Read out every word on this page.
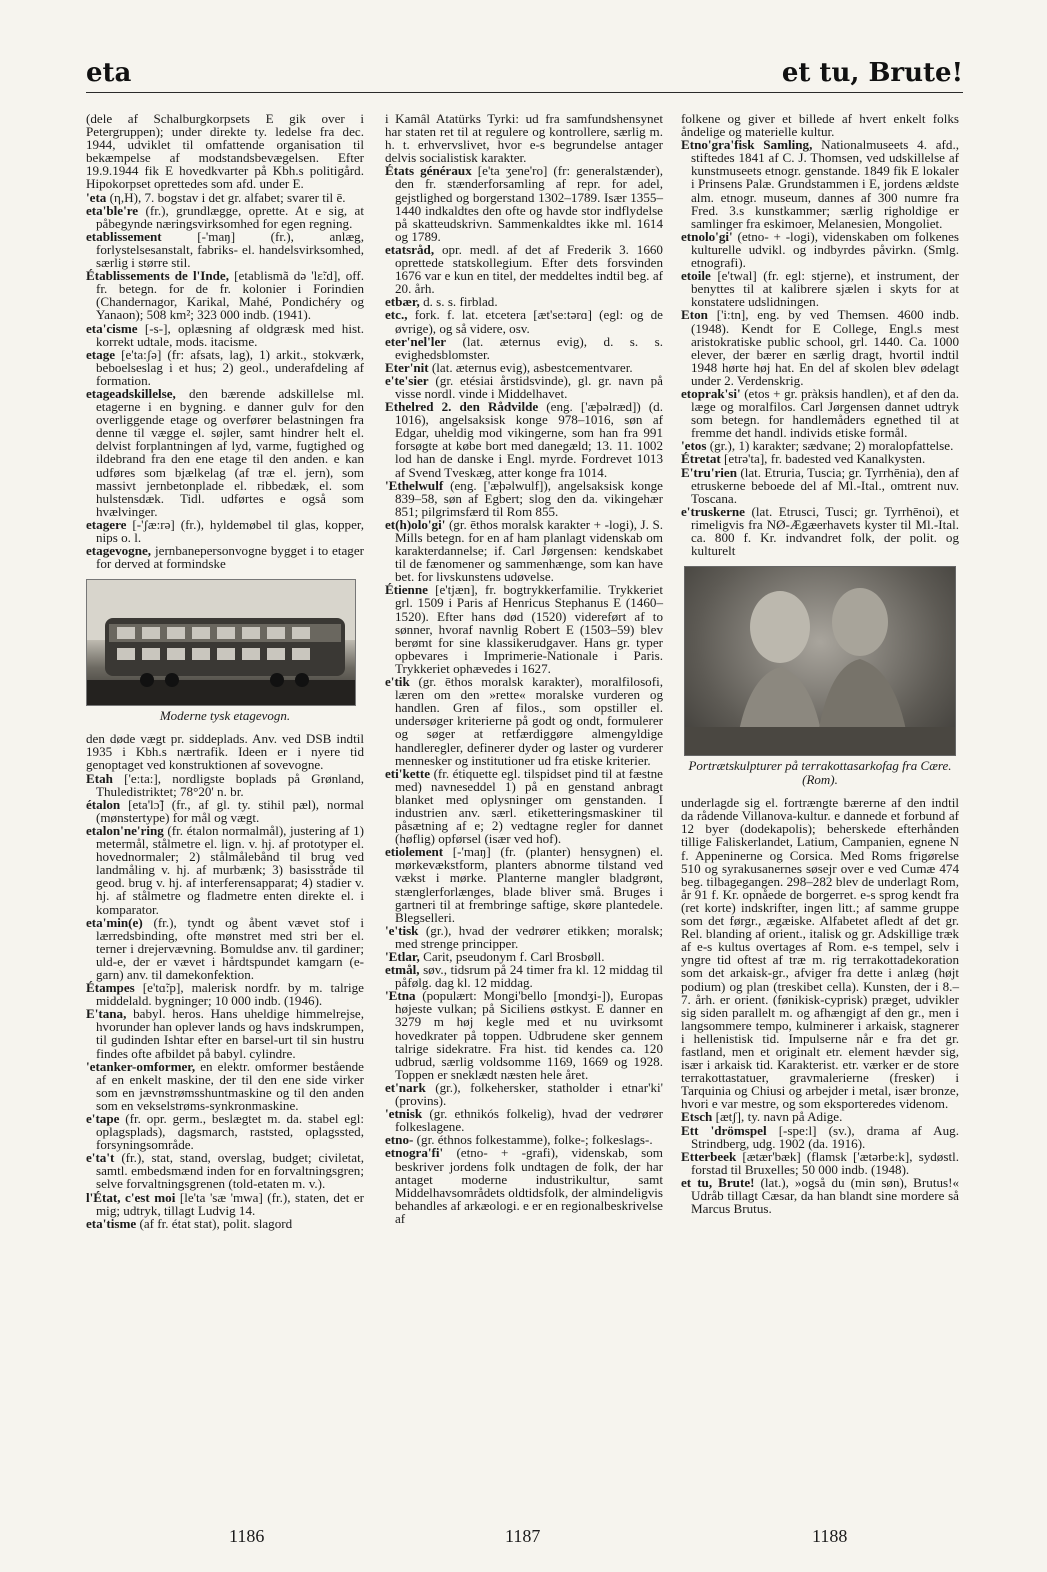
eta	et tu, Brute!

(dele af Schalburgkorpsets E gik over i Petergruppen); under direkte ty. ledelse fra dec. 1944, udviklet til omfattende organisation til bekæmpelse af modstandsbevægelsen. Efter 19.9.1944 fik E hovedkvarter på Kbh.s politigård. Hipokorpset oprettedes som afd. under E.

'eta (η,H), 7. bogstav i det gr. alfabet; svarer til ē.

eta'ble're (fr.), grundlægge, oprette. At e sig, at påbegynde næringsvirksomhed for egen regning.

etablissement	[-'maŋ] (fr.), anlæg, forlystelsesanstalt, fabriks- el. handelsvirksomhed, særlig i større stil.

Établissements de l'Inde, [etablismã də 'lɛ̃:d], off. fr. betegn. for de fr. kolonier i Forindien (Chandernagor, Karikal, Mahé, Pondichéry og Yanaon); 508 km²; 323 000 indb. (1941).

eta'cisme [-s-], oplæsning af oldgræsk med hist. korrekt udtale, mods. itacisme.

etage [e'ta:ʃə] (fr: afsats, lag), 1) arkit., stokværk, beboelseslag i et hus; 2) geol., underafdeling af formation.

etageadskillelse, den bærende adskillelse ml. etagerne i en bygning. e danner gulv for den overliggende etage og overfører belastningen fra denne til vægge el. søjler, samt hindrer helt el. delvist forplantningen af lyd, varme, fugtighed og ildebrand fra den ene etage til den anden. e kan udføres som bjælkelag (af træ el. jern), som massivt jernbetonplade el. ribbedæk, el. som hulstensdæk. Tidl. udførtes e også som hvælvinger.

etagere [-'ʃæ:rə] (fr.), hyldemøbel til glas, kopper, nips o. l.

etagevogne, jernbanepersonvogne bygget i to etager for derved at formindske

Moderne tysk etagevogn.

den døde vægt pr. siddeplads. Anv. ved DSB indtil 1935 i Kbh.s nærtrafik. Ideen er i nyere tid genoptaget ved konstruktionen af sovevogne.

Etah ['e:ta:], nordligste boplads på Grønland, Thuledistriktet; 78°20' n. br.

étalon [eta'lɔ̃] (fr., af gl. ty. stihil pæl), normal (mønstertype) for mål og vægt.

etalon'ne'ring (fr. étalon normalmål), justering af 1) metermål, stålmetre el. lign. v. hj. af prototyper el. hovednormaler; 2) stålmålebånd til brug ved landmåling v. hj. af murbænk; 3) basisstråde til geod. brug v. hj. af interferensapparat; 4) stadier v. hj. af stålmetre og fladmetre enten direkte el. i komparator.

eta'min(e) (fr.), tyndt og åbent vævet stof i lærredsbinding, ofte mønstret med stri ber el. terner i drejervævning. Bomuldse anv. til gardiner; uld-e, der er vævet i hårdtspundet kamgarn (e-garn) anv. til damekonfektion.

Étampes [e'tɑ̃:p], malerisk nordfr. by m. talrige middelald. bygninger; 10 000 indb. (1946).

E'tana, babyl. heros. Hans uheldige himmelrejse, hvorunder han oplever lands og havs indskrumpen, til gudinden Ishtar efter en barsel-urt til sin hustru findes ofte afbildet på babyl. cylindre.

'etanker-omformer, en elektr. omformer bestående af en enkelt maskine, der til den ene side virker som en jævnstrømsshuntmaskine og til den anden som en vekselstrøms-synkronmaskine.

e'tape (fr. opr. germ., beslægtet m. da. stabel egl: oplagsplads), dagsmarch, raststed, oplagssted, forsyningsområde.

e'ta't (fr.), stat, stand, overslag, budget; civiletat, samtl. embedsmænd inden for en forvaltningsgren; selve forvaltningsgrenen (told-etaten m. v.).

l'État, c'est moi [le'ta 'sæ 'mwa] (fr.), staten, det er mig; udtryk, tillagt Ludvig 14.

eta'tisme (af fr. état stat), polit. slagord

i Kamâl Atatürks Tyrki: ud fra samfundshensynet har staten ret til at regulere og kontrollere, særlig m. h. t. erhvervslivet, hvor e-s begrundelse antager delvis socialistisk karakter.

États généraux [e'ta ʒene'ro] (fr: generalstænder), den fr. stænderforsamling af repr. for adel, gejstlighed og borgerstand 1302–1789. Især 1355–1440 indkaldtes den ofte og havde stor indflydelse på skatteudskrivn. Sammenkaldtes ikke ml. 1614 og 1789.

etatsråd, opr. medl. af det af Frederik 3. 1660 oprettede statskollegium. Efter dets forsvinden 1676 var e kun en titel, der meddeltes indtil beg. af 20. årh.

etbær, d. s. s. firblad.

etc., fork. f. lat. etcetera [æt'se:tərɑ] (egl: og de øvrige), og så videre, osv.

eter'nel'ler (lat. æternus evig), d. s. s. evighedsblomster.

Eter'nit (lat. æternus evig), asbestcementvarer.

e'te'sier (gr. etésiai årstidsvinde), gl. gr. navn på visse nordl. vinde i Middelhavet.

Ethelred 2. den Rådvilde (eng. ['æþəlræd]) (d. 1016), angelsaksisk konge 978–1016, søn af Edgar, uheldig mod vikingerne, som han fra 991 forsøgte at købe bort med danegæld; 13. 11. 1002 lod han de danske i Engl. myrde. Fordrevet 1013 af Svend Tveskæg, atter konge fra 1014.

'Ethelwulf (eng. ['æþəlwulf]), angelsaksisk konge 839–58, søn af Egbert; slog den da. vikingehær 851; pilgrimsfærd til Rom 855.

et(h)olo'gi' (gr. ēthos moralsk karakter + -logi), J. S. Mills betegn. for en af ham planlagt videnskab om karakterdannelse; if. Carl Jørgensen: kendskabet til de fænomener og sammenhænge, som kan have bet. for livskunstens udøvelse.

Étienne [e'tjæn], fr. bogtrykkerfamilie. Trykkeriet grl. 1509 i Paris af Henricus Stephanus E (1460–1520). Efter hans død (1520) videreført af to sønner, hvoraf navnlig Robert E (1503–59) blev berømt for sine klassikerudgaver. Hans gr. typer opbevares i Imprimerie-Nationale i Paris. Trykkeriet ophævedes i 1627.

e'tik (gr. ēthos moralsk karakter), moralfilosofi, læren om den »rette« moralske vurderen og handlen. Gren af filos., som opstiller el. undersøger kriterierne på godt og ondt, formulerer og søger at retfærdiggøre almengyldige handleregler, definerer dyder og laster og vurderer mennesker og institutioner ud fra etiske kriterier.

eti'kette (fr. étiquette egl. tilspidset pind til at fæstne med) navneseddel 1) på en genstand anbragt blanket med oplysninger om genstanden. I industrien anv. særl. etiketteringsmaskiner til påsætning af e; 2) vedtagne regler for dannet (høflig) opførsel (især ved hof).

etiolement [-'maŋ] (fr. (planter) hensygnen) el. mørkevækstform, planters abnorme tilstand ved vækst i mørke. Planterne mangler bladgrønt, stænglerforlænges, blade bliver små. Bruges i gartneri til at frembringe saftige, skøre plantedele. Blegselleri.

'e'tisk (gr.), hvad der vedrører etikken; moralsk; med strenge principper.

'Etlar, Carit, pseudonym f. Carl Brosbøll.

etmål, søv., tidsrum på 24 timer fra kl. 12 middag til påfølg. dag kl. 12 middag.

'Etna (populært: Mongi'bello [mondʒi-]), Europas højeste vulkan; på Siciliens østkyst. E danner en 3279 m høj kegle med et nu uvirksomt hovedkrater på toppen. Udbrudene sker gennem talrige sidekratre. Fra hist. tid kendes ca. 120 udbrud, særlig voldsomme 1169, 1669 og 1928. Toppen er sneklædt næsten hele året.

et'nark (gr.), folkehersker, statholder i etnar'ki' (provins).

'etnisk (gr. ethnikós folkelig), hvad der vedrører folkeslagene.

etno- (gr. éthnos folkestamme), folke-; folkeslags-.

etnogra'fi' (etno- + -grafi), videnskab, som beskriver jordens folk undtagen de folk, der har antaget moderne industrikultur, samt Middelhavsområdets oldtidsfolk, der almindeligvis behandles af arkæologi. e er en regionalbeskrivelse af

folkene og giver et billede af hvert enkelt folks åndelige og materielle kultur.

Etno'gra'fisk Samling, Nationalmuseets 4. afd., stiftedes 1841 af C. J. Thomsen, ved udskillelse af kunstmuseets etnogr. genstande. 1849 fik E lokaler i Prinsens Palæ. Grundstammen i E, jordens ældste alm. etnogr. museum, dannes af 300 numre fra Fred. 3.s kunstkammer; særlig righoldige er samlinger fra eskimoer, Melanesien, Mongoliet.

etnolo'gi' (etno- + -logi), videnskaben om folkenes kulturelle udvikl. og indbyrdes påvirkn. (Smlg. etnografi).

etoile [e'twal] (fr. egl: stjerne), et instrument, der benyttes til at kalibrere sjælen i skyts for at konstatere udslidningen.

Eton ['i:tn], eng. by ved Themsen. 4600 indb. (1948). Kendt for E College, Engl.s mest aristokratiske public school, grl. 1440. Ca. 1000 elever, der bærer en særlig dragt, hvortil indtil 1948 hørte høj hat. En del af skolen blev ødelagt under 2. Verdenskrig.

etoprak'si' (etos + gr. pràksis handlen), et af den da. læge og moralfilos. Carl Jørgensen dannet udtryk som betegn. for handlemåders egnethed til at fremme det handl. individs etiske formål.

'etos (gr.), 1) karakter; sædvane; 2) moralopfattelse.

Étretat [etrə'ta], fr. badested ved Kanalkysten.

E'tru'rien (lat. Etruria, Tuscia; gr. Tyrrhēnia), den af etruskerne beboede del af Ml.-Ital., omtrent nuv. Toscana.

e'truskerne (lat. Etrusci, Tusci; gr. Tyrrhēnoi), et rimeligvis fra NØ-Ægæerhavets kyster til Ml.-Ital. ca. 800 f. Kr. indvandret folk, der polit. og kulturelt

Portrætskulpturer på terrakottasarkofag fra Cære. (Rom).

underlagde sig el. fortrængte bærerne af den indtil da rådende Villanova-kultur. e dannede et forbund af 12 byer (dodekapolis); beherskede efterhånden tillige Faliskerlandet, Latium, Campanien, egnene N f. Appeninerne og Corsica. Med Roms frigørelse 510 og syrakusanernes søsejr over e ved Cumæ 474 beg. tilbagegangen. 298–282 blev de underlagt Rom, år 91 f. Kr. opnåede de borgerret. e-s sprog kendt fra (ret korte) indskrifter, ingen litt.; af samme gruppe som det førgr., ægæiske. Alfabetet afledt af det gr. Rel. blanding af orient., italisk og gr. Adskillige træk af e-s kultus overtages af Rom. e-s tempel, selv i yngre tid oftest af træ m. rig terrakottadekoration som det arkaisk-gr., afviger fra dette i anlæg (højt podium) og plan (treskibet cella). Kunsten, der i 8.–7. årh. er orient. (fønikisk-cyprisk) præget, udvikler sig siden parallelt m. og afhængigt af den gr., men i langsommere tempo, kulminerer i arkaisk, stagnerer i hellenistisk tid. Impulserne når e fra det gr. fastland, men et originalt etr. element hævder sig, især i arkaisk tid. Karakterist. etr. værker er de store terrakottastatuer, gravmalerierne (fresker) i Tarquinia og Chiusi og arbejder i metal, især bronze, hvori e var mestre, og som eksporteredes videnom.

Etsch [ætʃ], ty. navn på Adige.

Ett 'drömspel [-spe:l] (sv.), drama af Aug. Strindberg, udg. 1902 (da. 1916).

Etterbeek [ætær'bæk] (flamsk ['ætərbe:k], sydøstl. forstad til Bruxelles; 50 000 indb. (1948).

et tu, Brute! (lat.), »også du (min søn), Brutus!« Udråb tillagt Cæsar, da han blandt sine mordere så Marcus Brutus.

1186	1187	1188
